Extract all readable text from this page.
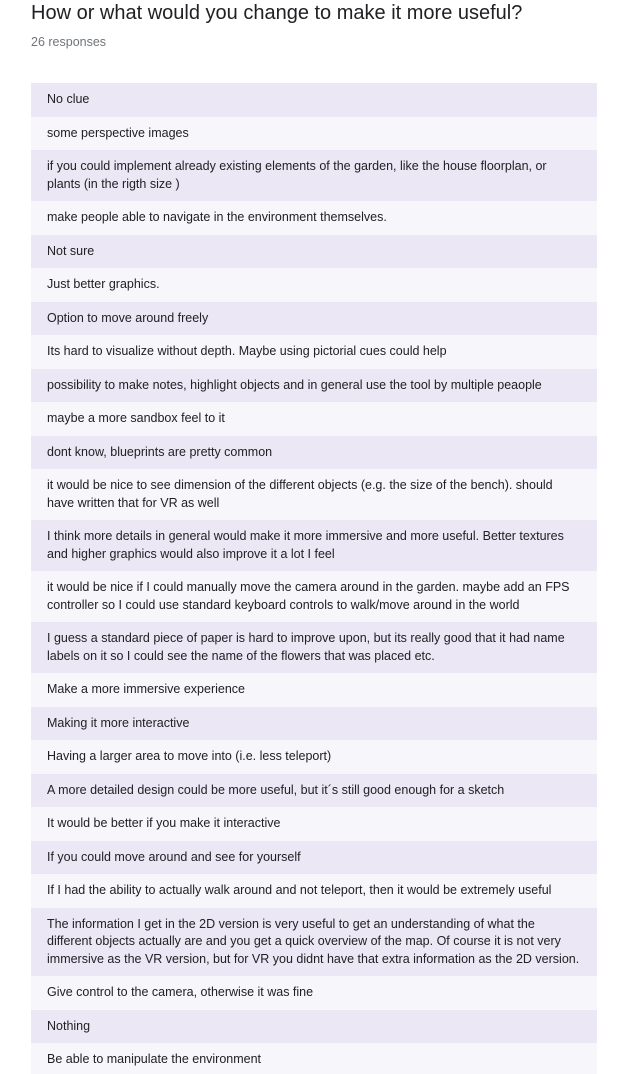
How or what would you change to make it more useful?
26 responses
No clue
some perspective images
if you could implement already existing elements of the garden, like the house floorplan, or plants (in the rigth size )
make people able to navigate in the environment themselves.
Not sure
Just better graphics.
Option to move around freely
Its hard to visualize without depth. Maybe using pictorial cues could help
possibility to make notes, highlight objects and in general use the tool by multiple peaople
maybe a more sandbox feel to it
dont know, blueprints are pretty common
it would be nice to see dimension of the different objects (e.g. the size of the bench). should have written that for VR as well
I think more details in general would make it more immersive and more useful. Better textures and higher graphics would also improve it a lot I feel
it would be nice if I could manually move the camera around in the garden. maybe add an FPS controller so I could use standard keyboard controls to walk/move around in the world
I guess a standard piece of paper is hard to improve upon, but its really good that it had name labels on it so I could see the name of the flowers that was placed etc.
Make a more immersive experience
Making it more interactive
Having a larger area to move into (i.e. less teleport)
A more detailed design could be more useful, but it´s still good enough for a sketch
It would be better if you make it interactive
If you could move around and see for yourself
If I had the ability to actually walk around and not teleport, then it would be extremely useful
The information I get in the 2D version is very useful to get an understanding of what the different objects actually are and you get a quick overview of the map. Of course it is not very immersive as the VR version, but for VR you didnt have that extra information as the 2D version.
Give control to the camera, otherwise it was fine
Nothing
Be able to manipulate the environment
